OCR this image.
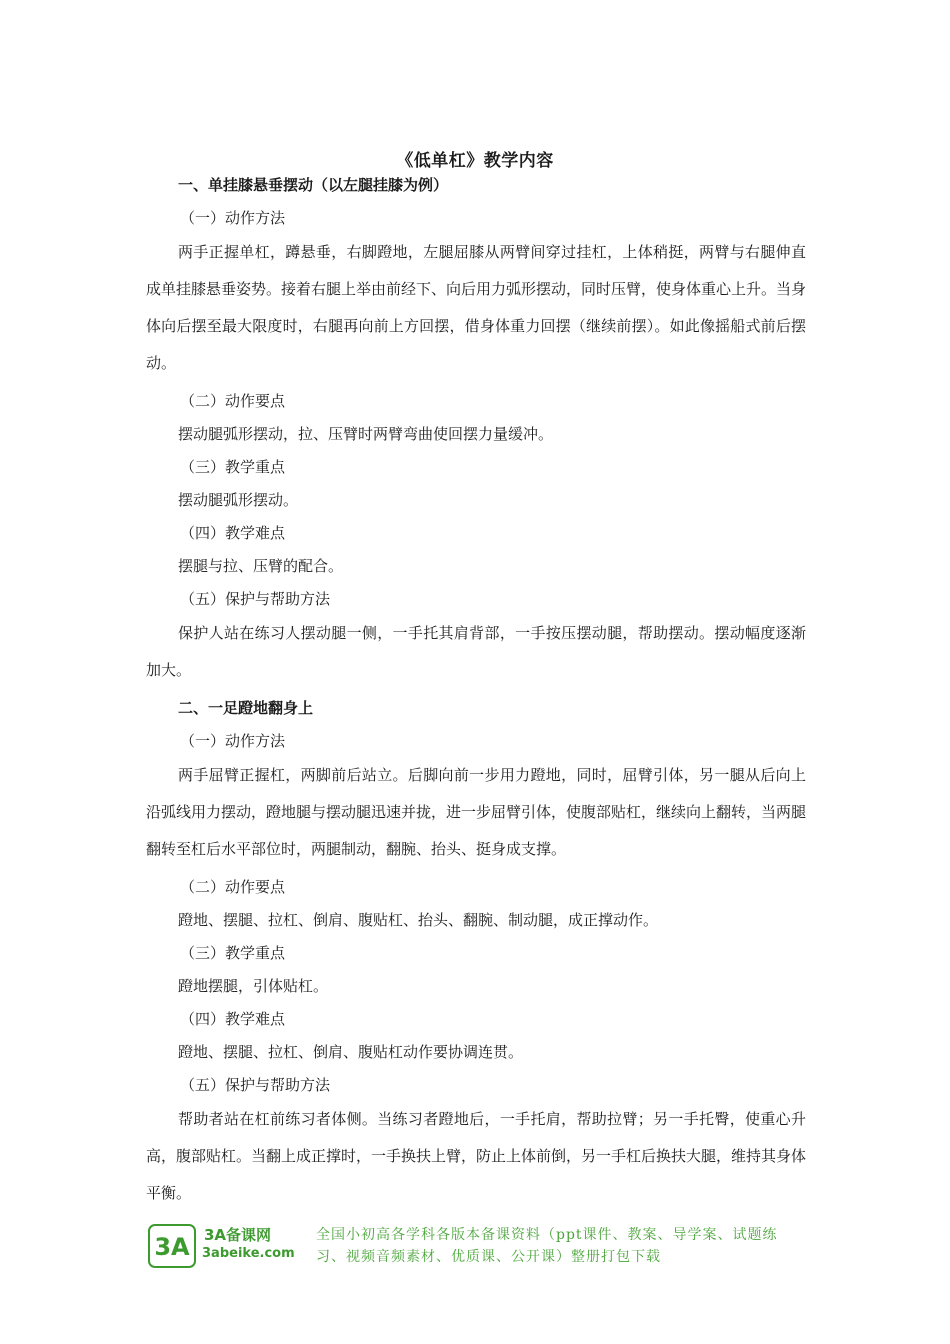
《低单杠》教学内容
一、单挂膝悬垂摆动（以左腿挂膝为例）
（一）动作方法

两手正握单杠，蹲悬垂，右脚蹬地，左腿屈膝从两臂间穿过挂杠，上体稍挺，两臂与右腿伸直成单挂膝悬垂姿势。接着右腿上举由前经下、向后用力弧形摆动，同时压臂，使身体重心上升。当身体向后摆至最大限度时，右腿再向前上方回摆，借身体重力回摆（继续前摆）。如此像摇船式前后摆动。

（二）动作要点

摆动腿弧形摆动，拉、压臂时两臂弯曲使回摆力量缓冲。

（三）教学重点

摆动腿弧形摆动。

（四）教学难点

摆腿与拉、压臂的配合。

（五）保护与帮助方法

保护人站在练习人摆动腿一侧，一手托其肩背部，一手按压摆动腿，帮助摆动。摆动幅度逐渐加大。

二、一足蹬地翻身上
（一）动作方法

两手屈臂正握杠，两脚前后站立。后脚向前一步用力蹬地，同时，屈臂引体，另一腿从后向上沿弧线用力摆动，蹬地腿与摆动腿迅速并拢，进一步屈臂引体，使腹部贴杠，继续向上翻转，当两腿翻转至杠后水平部位时，两腿制动，翻腕、抬头、挺身成支撑。

（二）动作要点

蹬地、摆腿、拉杠、倒肩、腹贴杠、抬头、翻腕、制动腿，成正撑动作。

（三）教学重点

蹬地摆腿，引体贴杠。

（四）教学难点

蹬地、摆腿、拉杠、倒肩、腹贴杠动作要协调连贯。

（五）保护与帮助方法

帮助者站在杠前练习者体侧。当练习者蹬地后，一手托肩，帮助拉臂；另一手托臀，使重心升高，腹部贴杠。当翻上成正撑时，一手换扶上臂，防止上体前倒，另一手杠后换扶大腿，维持其身体平衡。

3A 3A备课网
3abeike.com
全国小初高各学科各版本备课资料（ppt课件、教案、导学案、试题练习、视频音频素材、优质课、公开课）整册打包下载
